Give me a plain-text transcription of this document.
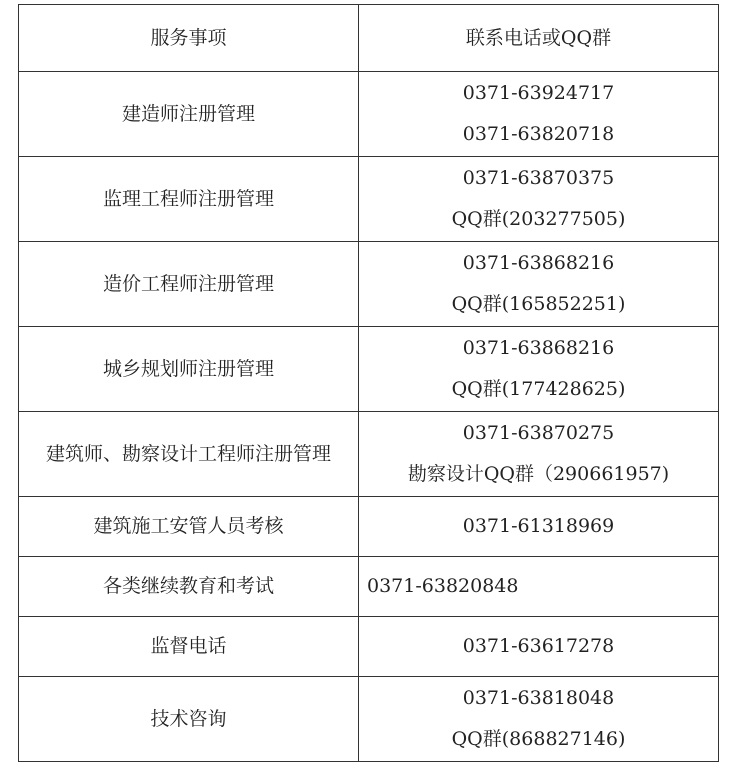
服务事项	联系电话或QQ群

建造师注册管理	0371-63924717
0371-63820718

监理工程师注册管理	0371-63870375
QQ群(203277505)

造价工程师注册管理	0371-63868216
QQ群(165852251)

城乡规划师注册管理	0371-63868216
QQ群(177428625)

建筑师、勘察设计工程师注册管理	0371-63870275
勘察设计QQ群（290661957)

建筑施工安管人员考核	0371-61318969

各类继续教育和考试	0371-63820848

监督电话	0371-63617278

技术咨询	0371-63818048
QQ群(868827146)
